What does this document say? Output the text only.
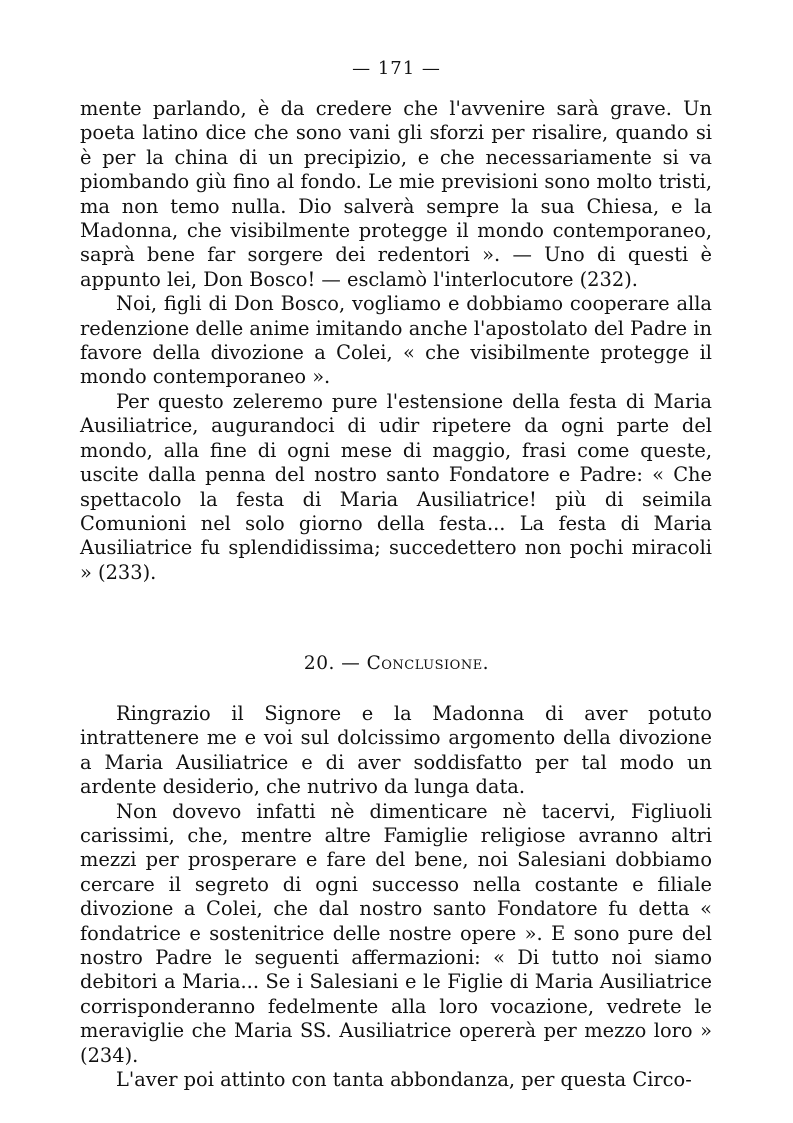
— 171 —

mente parlando, è da credere che l'avvenire sarà grave. Un poeta latino dice che sono vani gli sforzi per risalire, quando si è per la china di un precipizio, e che necessariamente si va piombando giù fino al fondo. Le mie previsioni sono molto tristi, ma non temo nulla. Dio salverà sempre la sua Chiesa, e la Madonna, che visibilmente protegge il mondo contemporaneo, saprà bene far sorgere dei redentori ». — Uno di questi è appunto lei, Don Bosco! — esclamò l'interlocutore (232).

Noi, figli di Don Bosco, vogliamo e dobbiamo cooperare alla redenzione delle anime imitando anche l'apostolato del Padre in favore della divozione a Colei, « che visibilmente protegge il mondo contemporaneo ».

Per questo zeleremo pure l'estensione della festa di Maria Ausiliatrice, augurandoci di udir ripetere da ogni parte del mondo, alla fine di ogni mese di maggio, frasi come queste, uscite dalla penna del nostro santo Fondatore e Padre: « Che spettacolo la festa di Maria Ausiliatrice! più di seimila Comunioni nel solo giorno della festa... La festa di Maria Ausiliatrice fu splendidissima; succedettero non pochi miracoli » (233).

20. — Conclusione.

Ringrazio il Signore e la Madonna di aver potuto intrattenere me e voi sul dolcissimo argomento della divozione a Maria Ausiliatrice e di aver soddisfatto per tal modo un ardente desiderio, che nutrivo da lunga data.

Non dovevo infatti nè dimenticare nè tacervi, Figliuoli carissimi, che, mentre altre Famiglie religiose avranno altri mezzi per prosperare e fare del bene, noi Salesiani dobbiamo cercare il segreto di ogni successo nella costante e filiale divozione a Colei, che dal nostro santo Fondatore fu detta « fondatrice e sostenitrice delle nostre opere ». E sono pure del nostro Padre le seguenti affermazioni: « Di tutto noi siamo debitori a Maria... Se i Salesiani e le Figlie di Maria Ausiliatrice corrisponderanno fedelmente alla loro vocazione, vedrete le meraviglie che Maria SS. Ausiliatrice opererà per mezzo loro » (234).

L'aver poi attinto con tanta abbondanza, per questa Circo-
